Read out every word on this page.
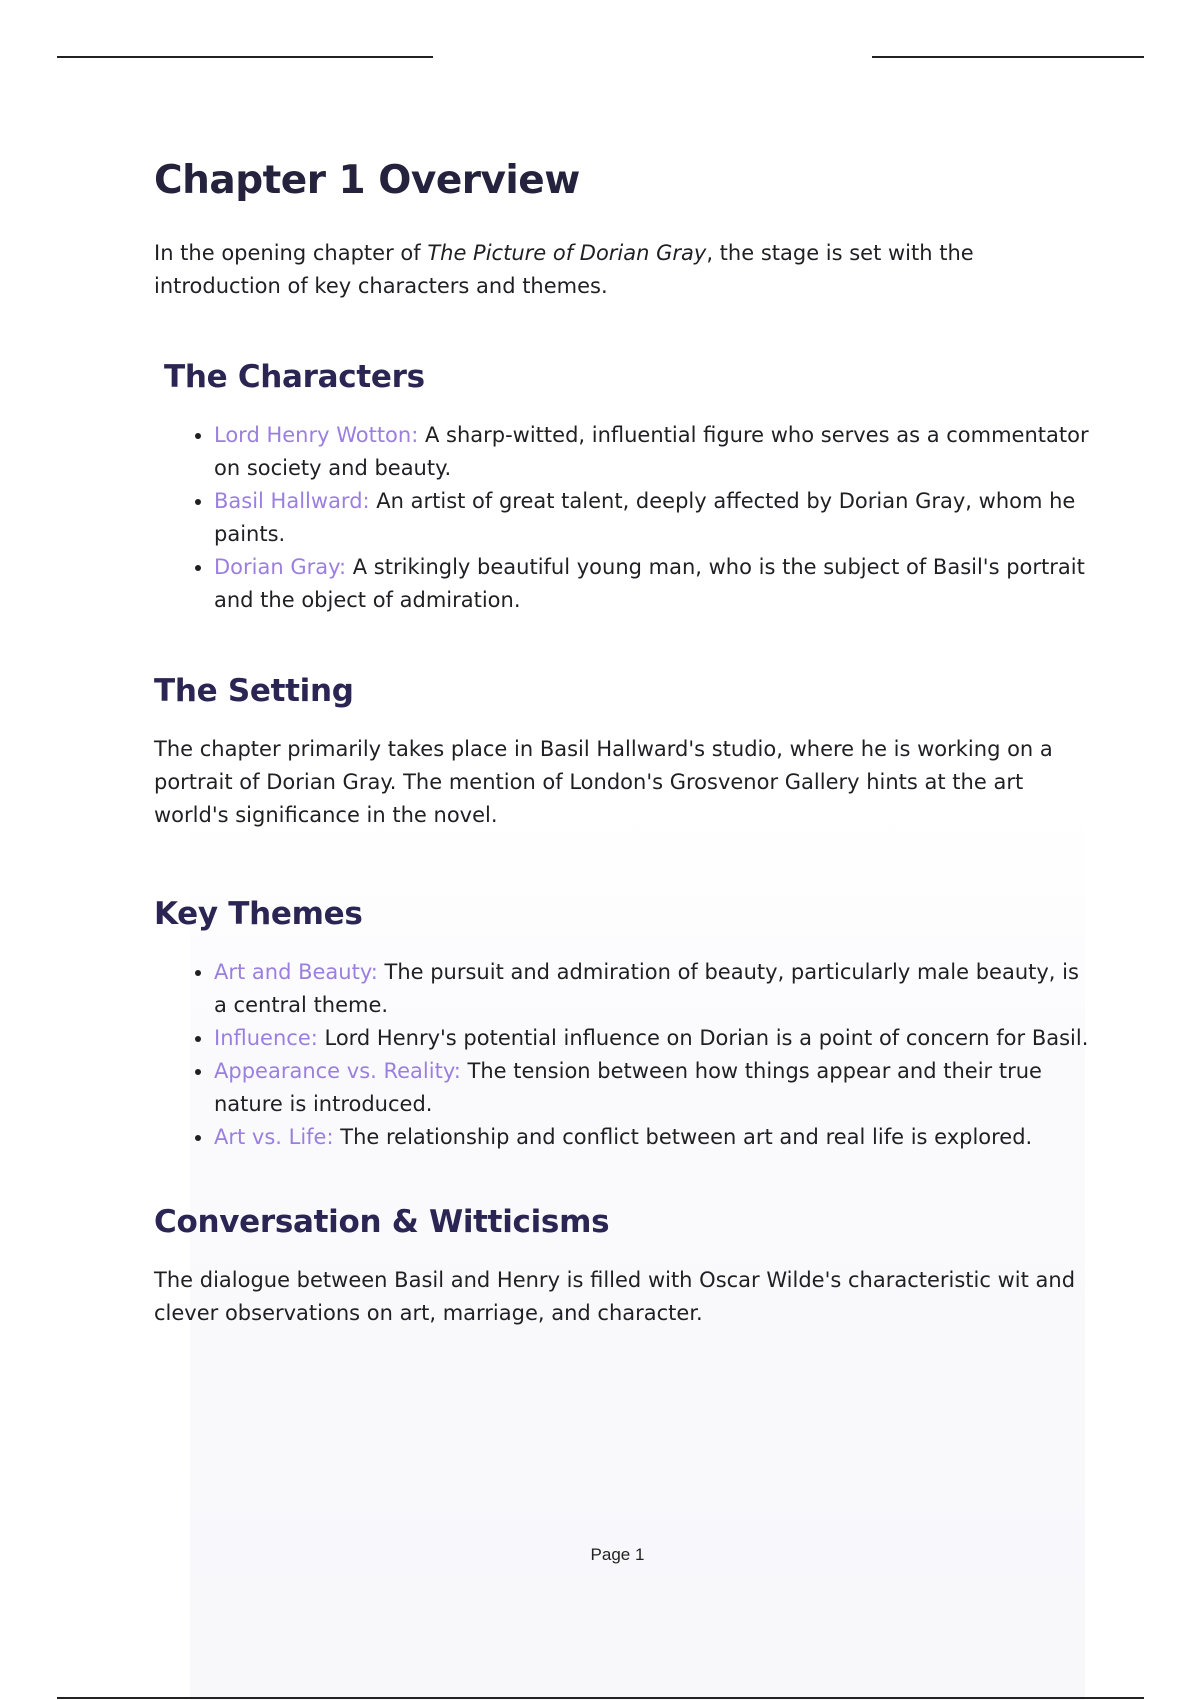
Chapter 1 Overview

In the opening chapter of The Picture of Dorian Gray, the stage is set with the introduction of key characters and themes.

The Characters
• Lord Henry Wotton: A sharp-witted, influential figure who serves as a commentator on society and beauty.
• Basil Hallward: An artist of great talent, deeply affected by Dorian Gray, whom he paints.
• Dorian Gray: A strikingly beautiful young man, who is the subject of Basil's portrait and the object of admiration.
The Setting

The chapter primarily takes place in Basil Hallward's studio, where he is working on a portrait of Dorian Gray. The mention of London's Grosvenor Gallery hints at the art world's significance in the novel.

Key Themes
• Art and Beauty: The pursuit and admiration of beauty, particularly male beauty, is a central theme.
• Influence: Lord Henry's potential influence on Dorian is a point of concern for Basil.
• Appearance vs. Reality: The tension between how things appear and their true nature is introduced.
• Art vs. Life: The relationship and conflict between art and real life is explored.
Conversation & Witticisms

The dialogue between Basil and Henry is filled with Oscar Wilde's characteristic wit and clever observations on art, marriage, and character.

Page 1
